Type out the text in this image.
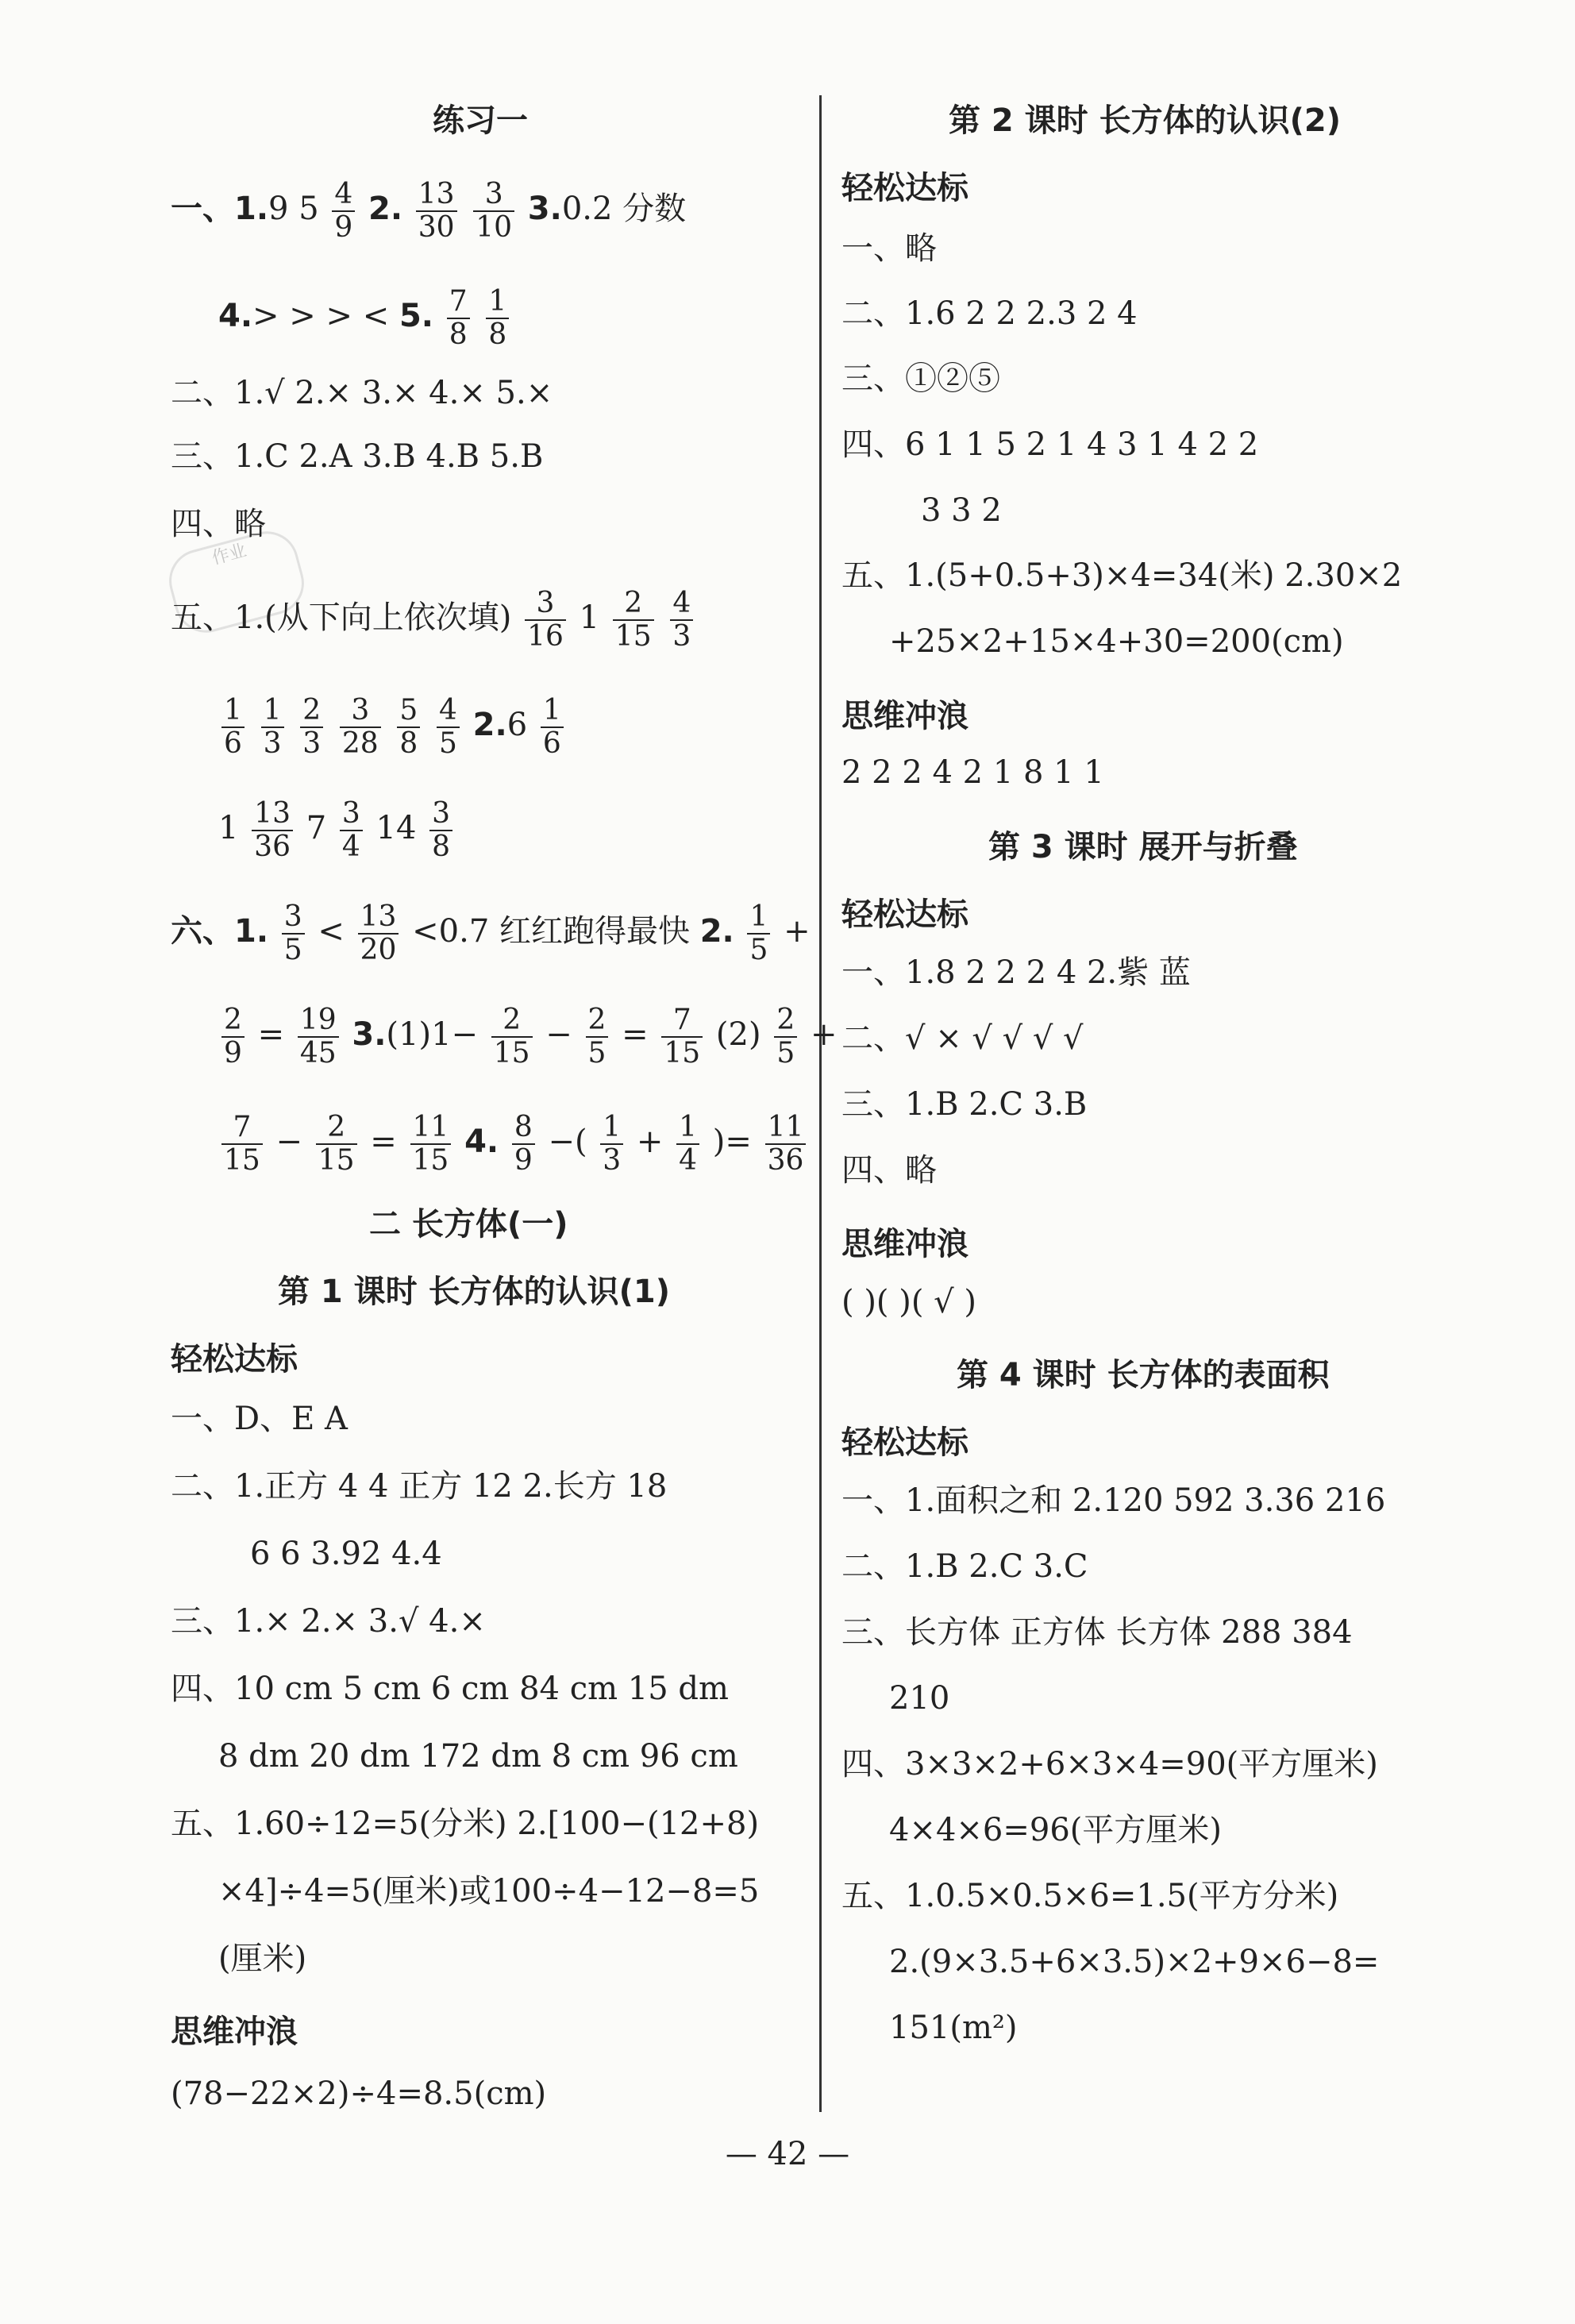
作业
练习一
一、1.9 $5 \frac{4}{9} 2$. $\frac{13}{30}$
$\frac{3}{10} 3.0.2$ 分数
4.> > > < 5. $\frac{7}{8}$
$\frac{1}{8}$
二、1.√ 2.× 3.× 4.× 5.×
三、1.C 2.A 3.B 4.B 5.B
四、略
五、1.(从下向上依次填) $\frac{3}{16} 1 \frac{2}{15}$
$\frac{4}{3}$
$\frac{1}{6}$
$\frac{1}{3}$
$\frac{2}{3}$
$\frac{3}{28}$
$\frac{5}{8}$
$\frac{4}{5} 2.6 \frac{1}{6}$
$1 \frac{13}{36} 7 \frac{3}{4} 14 \frac{3}{8}$
六、1. $\frac{3}{5} < \frac{13}{20} <0.7$ 红红跑得最快 2. $\frac{1}{5}$ +
$\frac{2}{9} = \frac{19}{45} 3.(1)1- \frac{2}{15} - \frac{2}{5} = \frac{7}{15} (2) \frac{2}{5}$ +
$\frac{7}{15} - \frac{2}{15} = \frac{11}{15} 4$. $\frac{8}{9}$ −( $\frac{1}{3} + \frac{1}{4}$ )= $\frac{11}{36}$
二 长方体(一)
第 1 课时 长方体的认识(1)
轻松达标
一、D、E A
二、1.正方 4 4 正方 12 2.长方 18
6 6 3.92 4.4
三、1.× 2.× 3.√ 4.×
四、10 cm 5 cm 6 cm 84 cm 15 dm
8 dm 20 dm 172 dm 8 cm 96 cm
五、1.60÷12=5(分米) 2.[100−(12+8)
×4]÷4=5(厘米)或100÷4−12−8=5
(厘米)
思维冲浪
(78−22×2)÷4=8.5(cm)
第 2 课时 长方体的认识(2)
轻松达标
一、略
二、1.6 2 2 2.3 2 4
三、①②⑤
四、6 1 1 5 2 1 4 3 1 4 2 2
3 3 2
五、1.(5+0.5+3)×4=34(米) 2.30×2
+25×2+15×4+30=200(cm)
思维冲浪
2 2 2 4 2 1 8 1 1
第 3 课时 展开与折叠
轻松达标
一、1.8 2 2 2 4 2.紫 蓝
二、√ × √ √ √ √
三、1.B 2.C 3.B
四、略
思维冲浪
( )( )( √ )
第 4 课时 长方体的表面积
轻松达标
一、1.面积之和 2.120 592 3.36 216
二、1.B 2.C 3.C
三、长方体 正方体 长方体 288 384
210
四、3×3×2+6×3×4=90(平方厘米)
4×4×6=96(平方厘米)
五、1.0.5×0.5×6=1.5(平方分米)
2.(9×3.5+6×3.5)×2+9×6−8=
151(m²)
— 42 —
